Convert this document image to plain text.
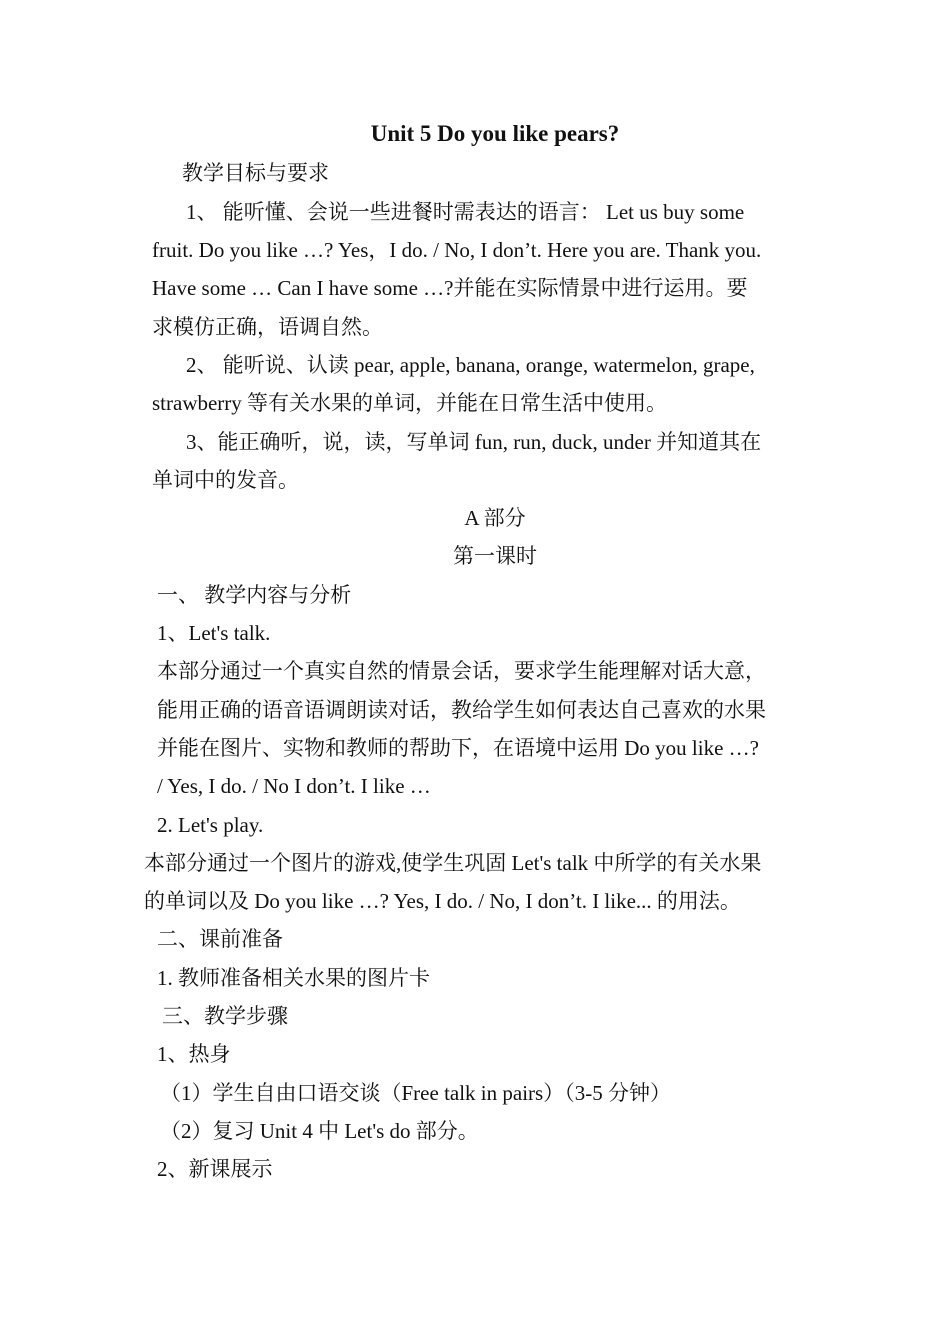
Unit 5 Do you like pears?
教学目标与要求
1、 能听懂、会说一些进餐时需表达的语言： Let us buy some
fruit. Do you like …? Yes，I do. / No, I don’t. Here you are. Thank you.
Have some … Can I have some …?并能在实际情景中进行运用。要
求模仿正确，语调自然。
2、 能听说、认读 pear, apple, banana, orange, watermelon, grape,
strawberry 等有关水果的单词，并能在日常生活中使用。
3、能正确听，说，读，写单词 fun, run, duck, under 并知道其在
单词中的发音。
A 部分
第一课时
一、 教学内容与分析
1、Let's talk.
本部分通过一个真实自然的情景会话，要求学生能理解对话大意，
能用正确的语音语调朗读对话，教给学生如何表达自己喜欢的水果
并能在图片、实物和教师的帮助下，在语境中运用 Do you like …?
/ Yes, I do. / No I don’t. I like …
2. Let's play.
本部分通过一个图片的游戏,使学生巩固 Let's talk 中所学的有关水果
的单词以及 Do you like …? Yes, I do. / No, I don’t. I like... 的用法。
二、课前准备
1. 教师准备相关水果的图片卡
三、教学步骤
1、热身
（1）学生自由口语交谈（Free talk in pairs）（3-5 分钟）
（2）复习 Unit 4 中 Let's do 部分。
2、新课展示
